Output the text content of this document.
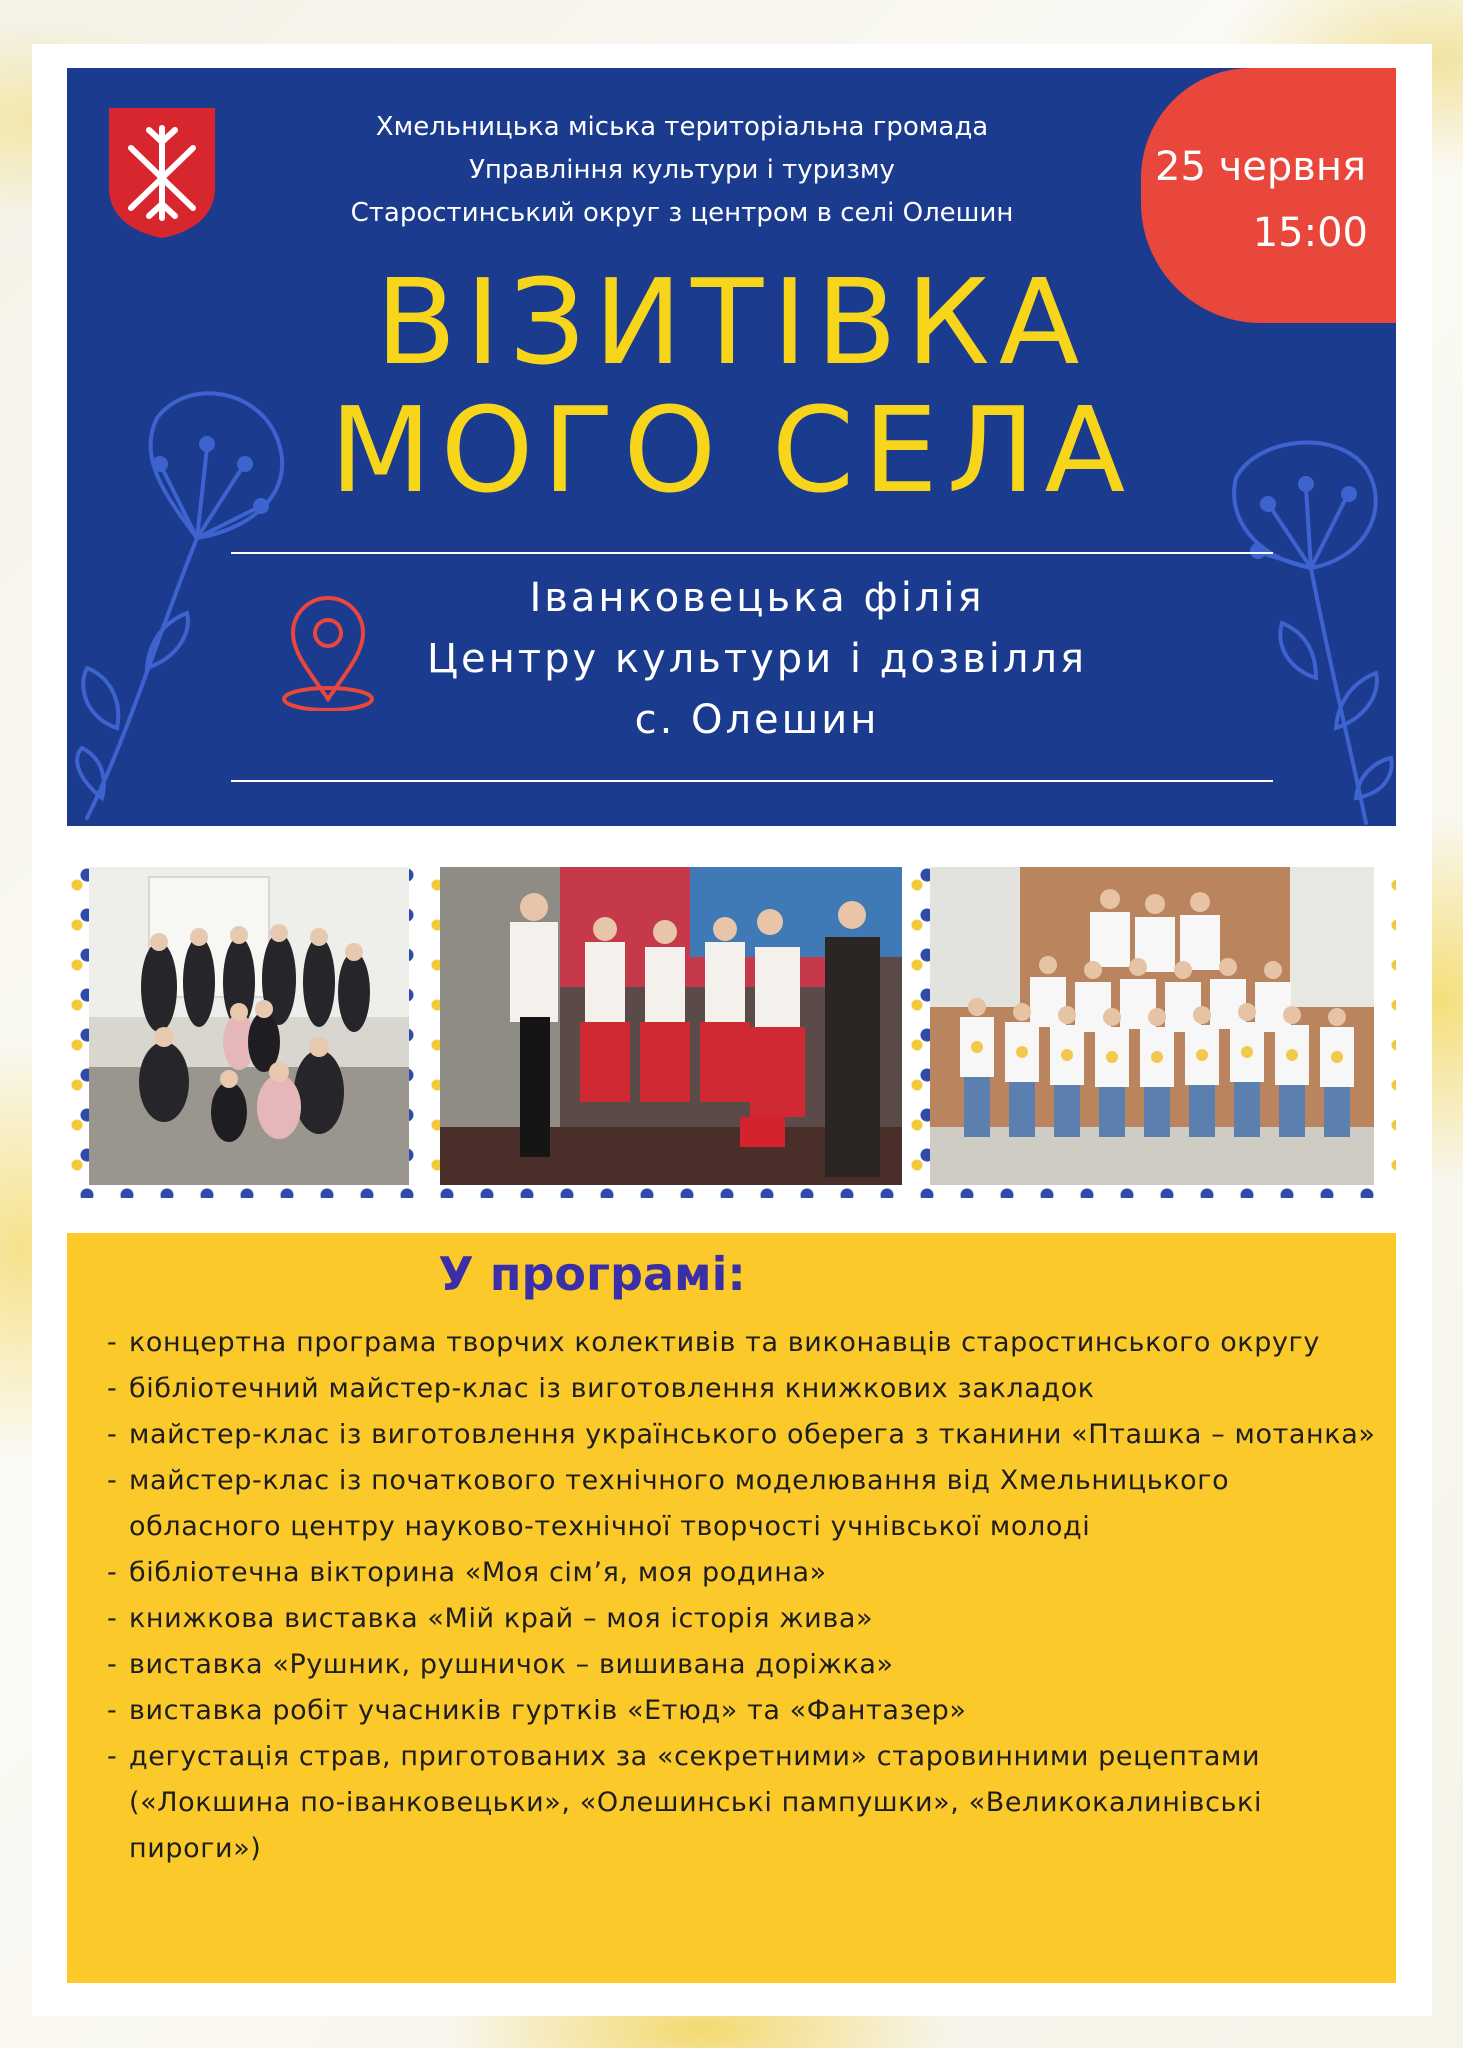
Хмельницька міська територіальна громада
Управління культури і туризму
Старостинський округ з центром в селі Олешин
25 червня
15:00
ВІЗИТІВКА
МОГО СЕЛА
Іванковецька філія
Центру культури і дозвілля
с. Олешин
У програмі:
- концертна програма творчих колективів та виконавців старостинського округу
- бібліотечний майстер-клас із виготовлення книжкових закладок
- майстер-клас із виготовлення українського оберега з тканини «Пташка – мотанка»
- майстер-клас із початкового технічного моделювання від Хмельницького обласного центру науково-технічної творчості учнівської молоді
- бібліотечна вікторина «Моя сім’я, моя родина»
- книжкова виставка «Мій край – моя історія жива»
- виставка «Рушник, рушничок – вишивана доріжка»
- виставка робіт учасників гуртків «Етюд» та «Фантазер»
- дегустація страв, приготованих за «секретними» старовинними рецептами («Локшина по-іванковецьки», «Олешинські пампушки», «Великокалинівські пироги»)
